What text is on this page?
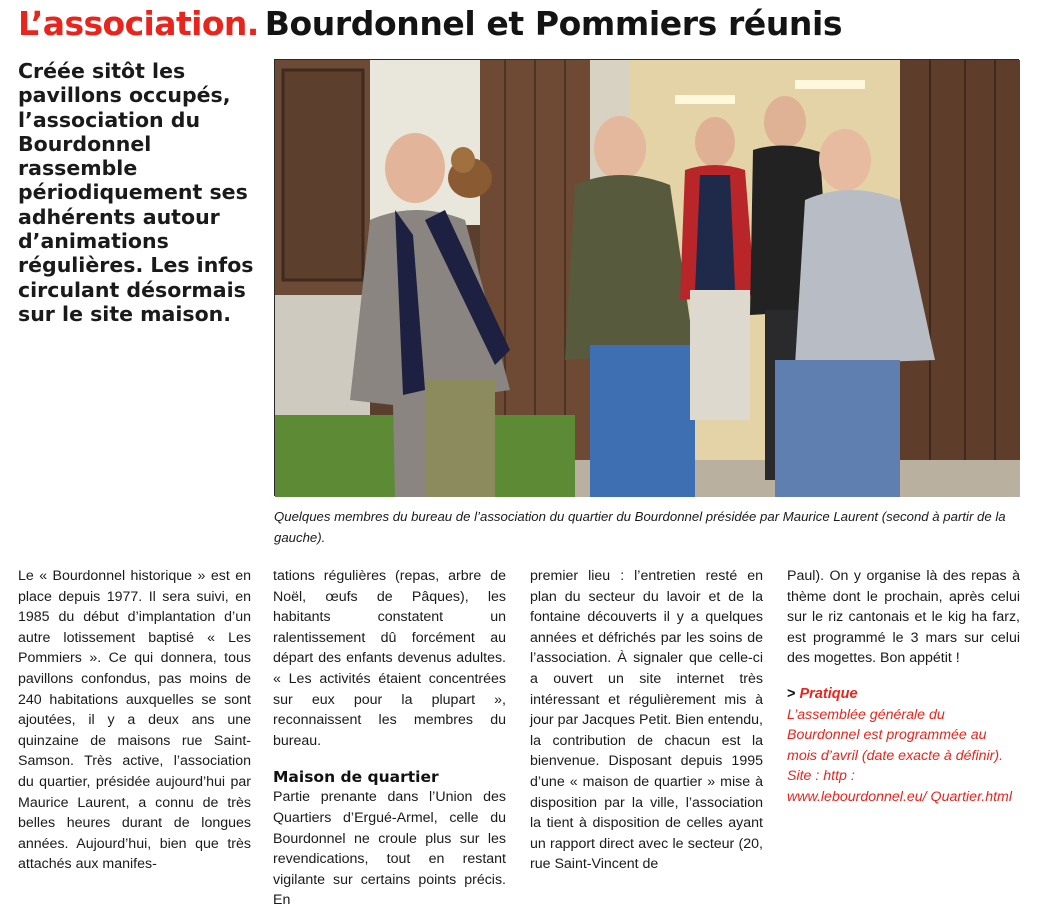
L’association. Bourdonnel et Pommiers réunis
Créée sitôt les pavillons occupés, l’association du Bourdonnel rassemble périodiquement ses adhérents autour d’animations régulières. Les infos circulant désormais sur le site maison.
Quelques membres du bureau de l’association du quartier du Bourdonnel présidée par Maurice Laurent (second à partir de la gauche).

Le « Bourdonnel historique » est en place depuis 1977. Il sera suivi, en 1985 du début d’implantation d’un autre lotissement baptisé « Les Pommiers ». Ce qui donnera, tous pavillons confondus, pas moins de 240 habitations auxquelles se sont ajoutées, il y a deux ans une quinzaine de maisons rue Saint-Samson. Très active, l’association du quartier, présidée aujourd’hui par Maurice Laurent, a connu de très belles heures durant de longues années. Aujourd’hui, bien que très attachés aux manifes-

tations régulières (repas, arbre de Noël, œufs de Pâques), les habitants constatent un ralentissement dû forcément au départ des enfants devenus adultes. « Les activités étaient concentrées sur eux pour la plupart », reconnaissent les membres du bureau.

Maison de quartier

Partie prenante dans l’Union des Quartiers d’Ergué-Armel, celle du Bourdonnel ne croule plus sur les revendications, tout en restant vigilante sur certains points précis. En

premier lieu : l’entretien resté en plan du secteur du lavoir et de la fontaine découverts il y a quelques années et défrichés par les soins de l’association. À signaler que celle-ci a ouvert un site internet très intéressant et régulièrement mis à jour par Jacques Petit. Bien entendu, la contribution de chacun est la bienvenue. Disposant depuis 1995 d’une « maison de quartier » mise à disposition par la ville, l’association la tient à disposition de celles ayant un rapport direct avec le secteur (20, rue Saint-Vincent de

Paul). On y organise là des repas à thème dont le prochain, après celui sur le riz cantonais et le kig ha farz, est programmé le 3 mars sur celui des mogettes. Bon appétit !

> Pratique
L’assemblée générale du Bourdonnel est programmée au mois d’avril (date exacte à définir).
Site : http :
www.lebourdonnel.eu/ Quartier.html
